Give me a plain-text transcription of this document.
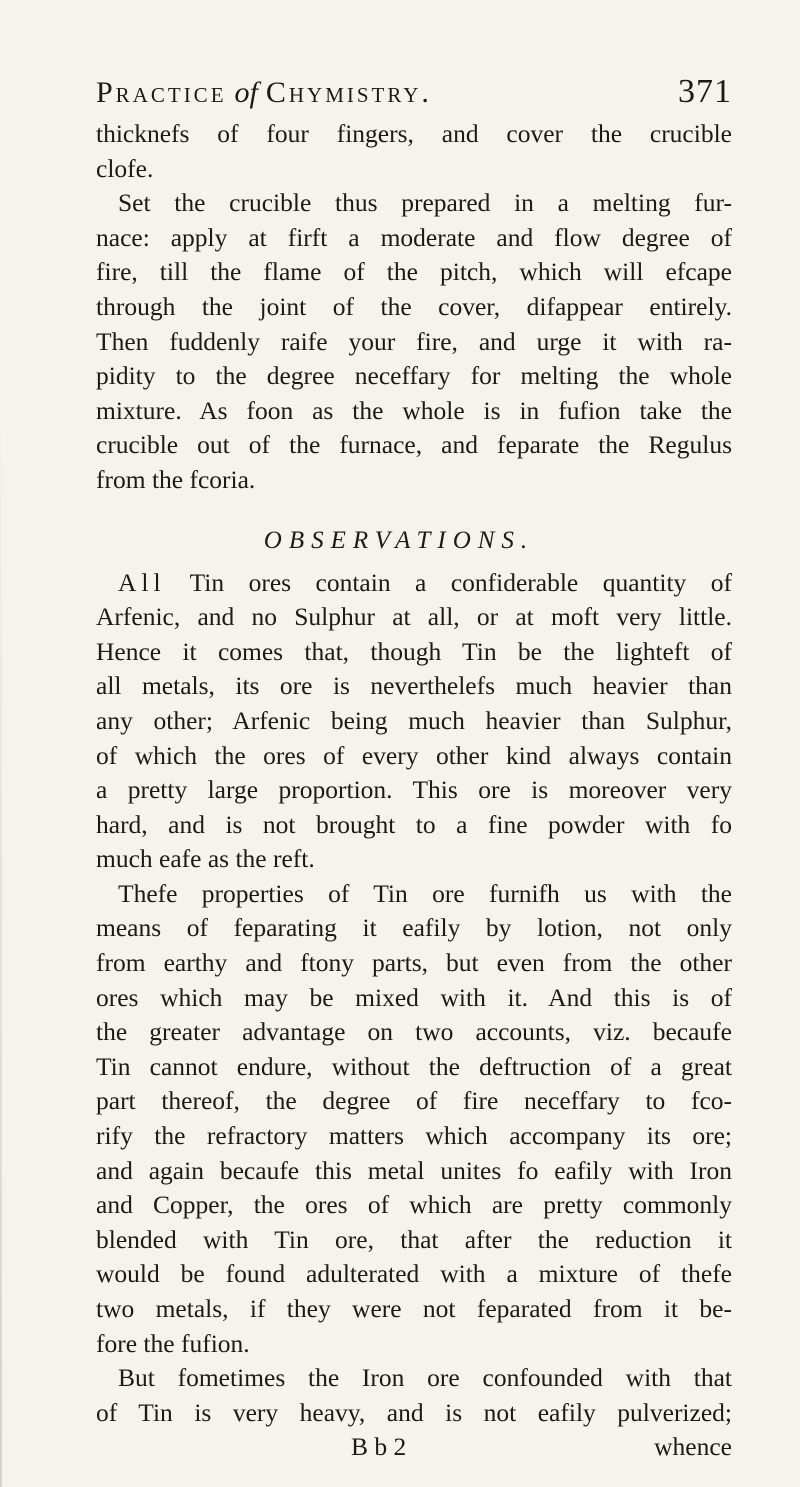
Practice of Chymistry.	371
thicknefs of four fingers, and cover the crucible
clofe.
Set the crucible thus prepared in a melting fur-
nace: apply at firft a moderate and flow degree of
fire, till the flame of the pitch, which will efcape
through the joint of the cover, difappear entirely.
Then fuddenly raife your fire, and urge it with ra-
pidity to the degree neceffary for melting the whole
mixture. As foon as the whole is in fufion take the
crucible out of the furnace, and feparate the Regulus
from the fcoria.
OBSERVATIONS.
All Tin ores contain a confiderable quantity of
Arfenic, and no Sulphur at all, or at moft very little.
Hence it comes that, though Tin be the lighteft of
all metals, its ore is neverthelefs much heavier than
any other; Arfenic being much heavier than Sulphur,
of which the ores of every other kind always contain
a pretty large proportion. This ore is moreover very
hard, and is not brought to a fine powder with fo
much eafe as the reft.
Thefe properties of Tin ore furnifh us with the
means of feparating it eafily by lotion, not only
from earthy and ftony parts, but even from the other
ores which may be mixed with it. And this is of
the greater advantage on two accounts, viz. becaufe
Tin cannot endure, without the deftruction of a great
part thereof, the degree of fire neceffary to fco-
rify the refractory matters which accompany its ore;
and again becaufe this metal unites fo eafily with Iron
and Copper, the ores of which are pretty commonly
blended with Tin ore, that after the reduction it
would be found adulterated with a mixture of thefe
two metals, if they were not feparated from it be-
fore the fufion.
But fometimes the Iron ore confounded with that
of Tin is very heavy, and is not eafily pulverized;
B b 2	whence
